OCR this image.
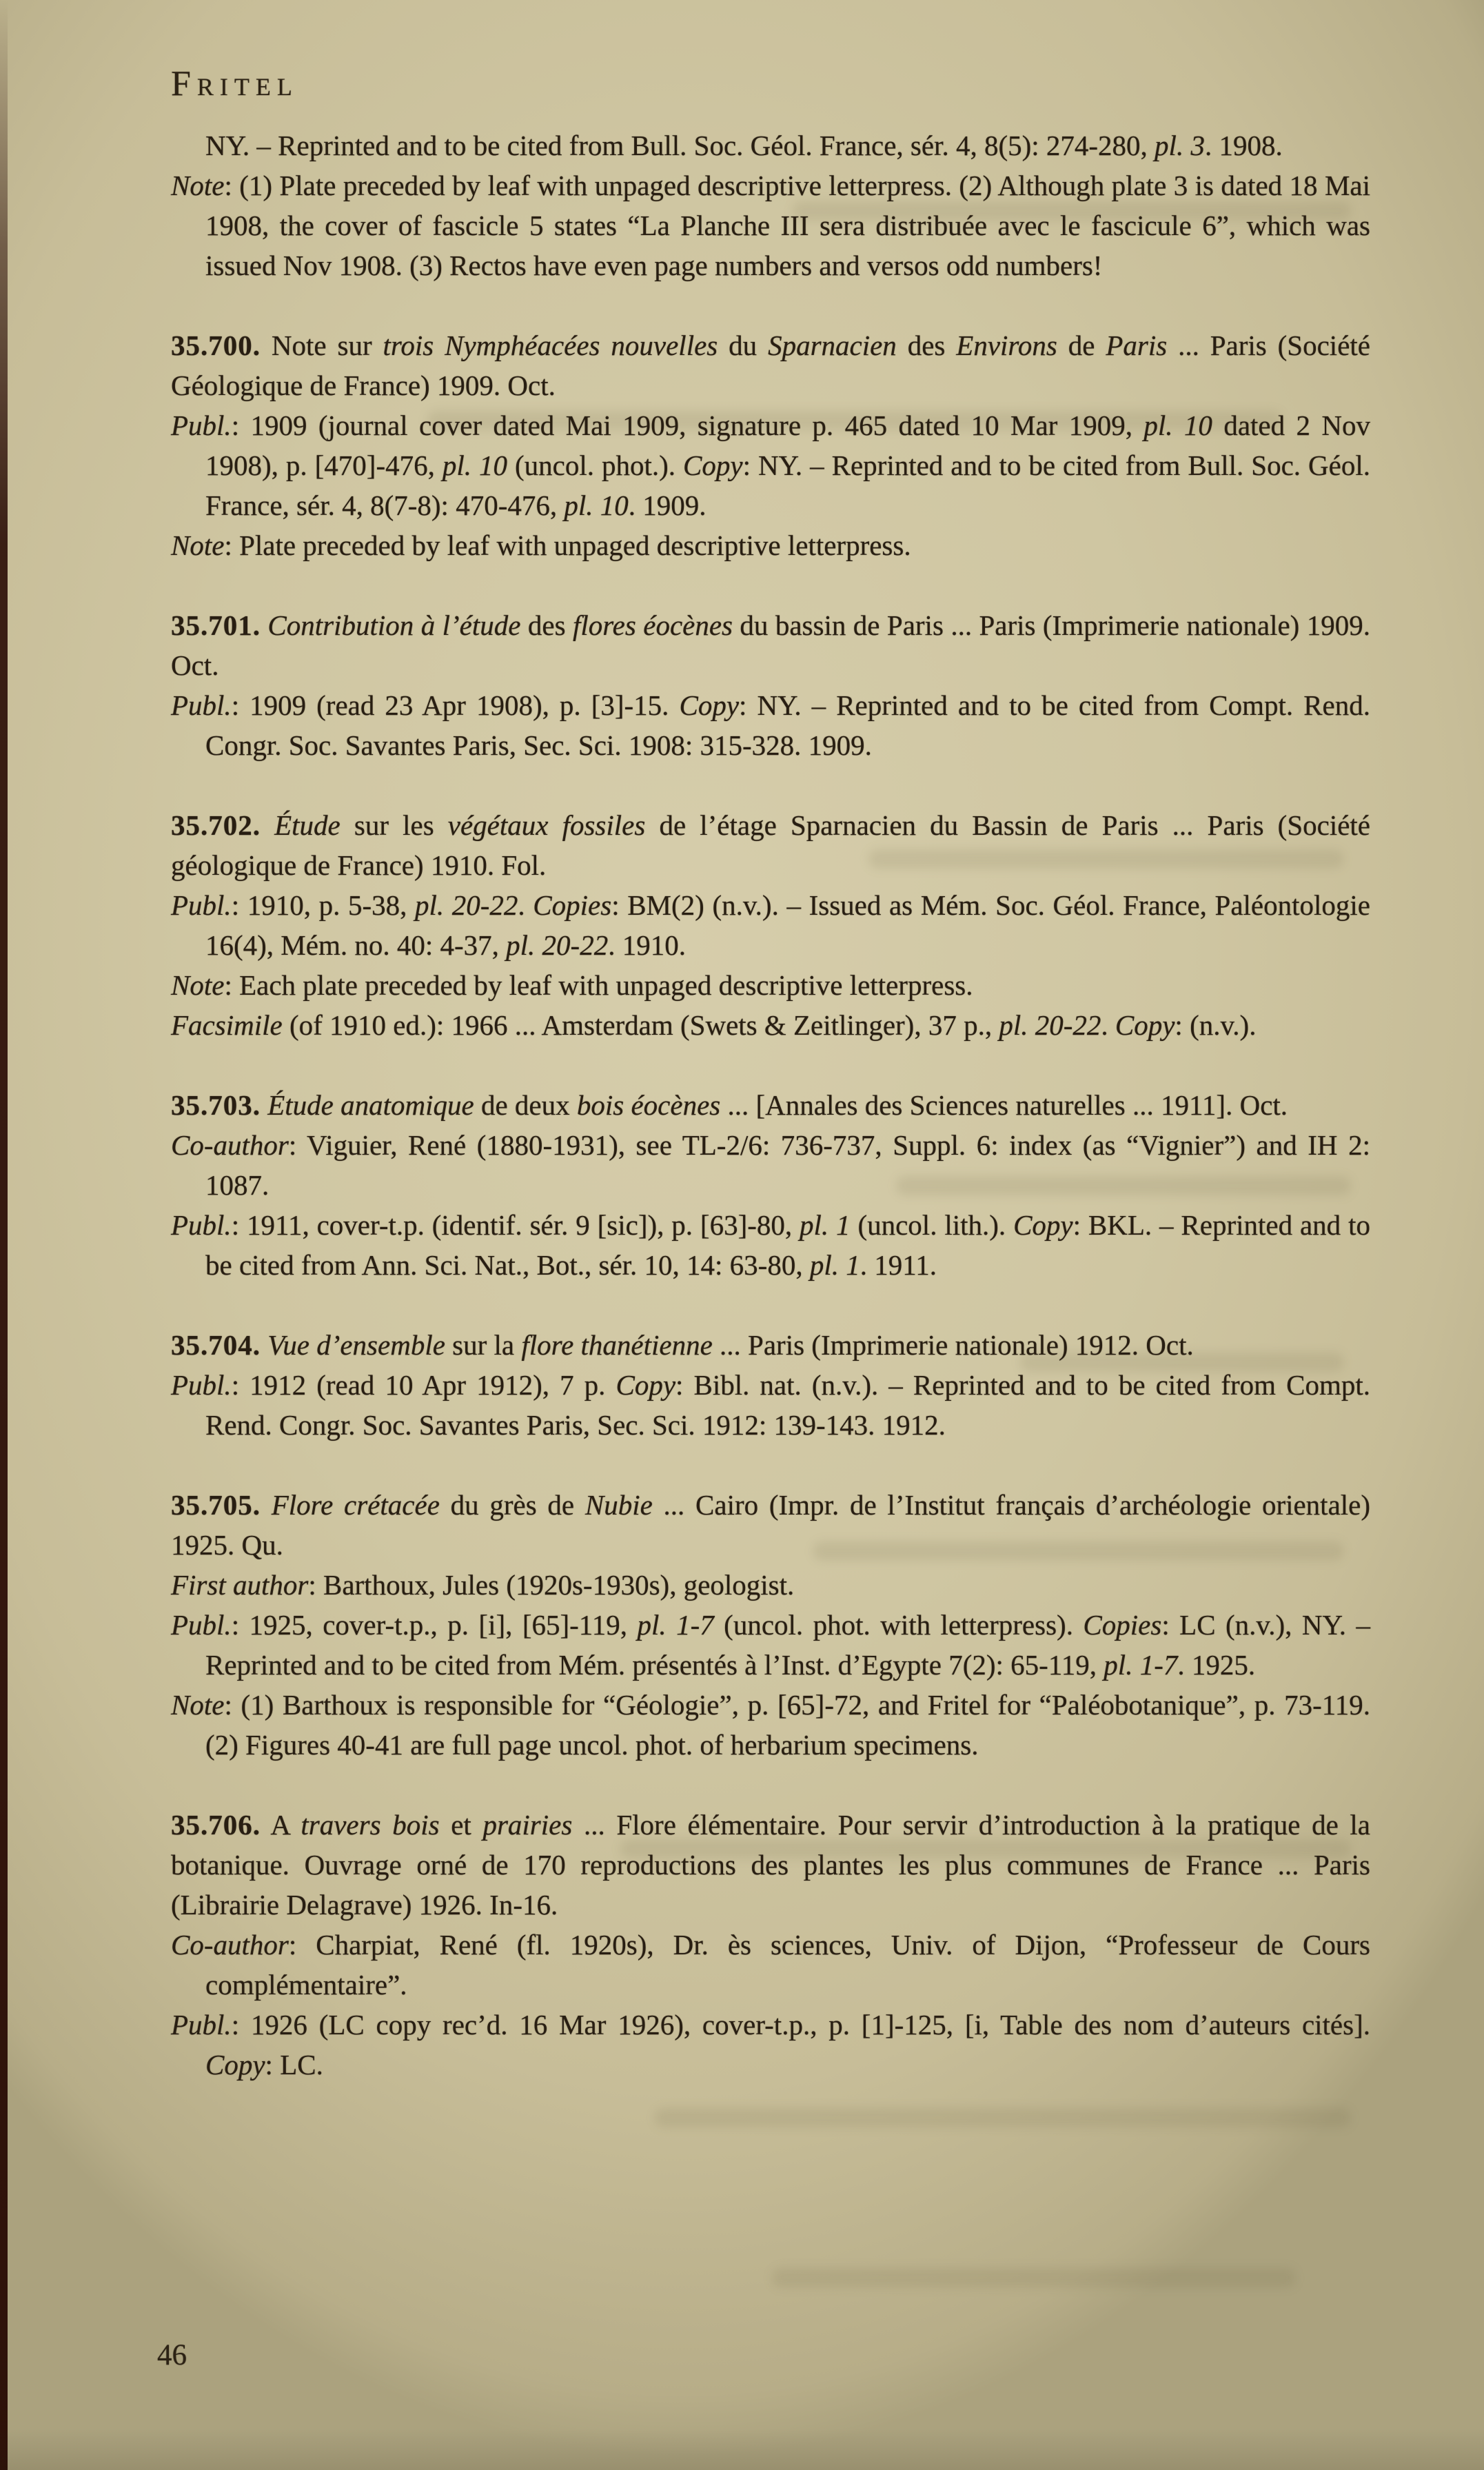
Fritel

NY. – Reprinted and to be cited from Bull. Soc. Géol. France, sér. 4, 8(5): 274-280, pl. 3. 1908.

Note: (1) Plate preceded by leaf with unpaged descriptive letterpress. (2) Although plate 3 is dated 18 Mai 1908, the cover of fascicle 5 states “La Planche III sera distribuée avec le fascicule 6”, which was issued Nov 1908. (3) Rectos have even page numbers and versos odd numbers!

35.700. Note sur trois Nymphéacées nouvelles du Sparnacien des Environs de Paris ... Paris (Société Géologique de France) 1909. Oct.

Publ.: 1909 (journal cover dated Mai 1909, signature p. 465 dated 10 Mar 1909, pl. 10 dated 2 Nov 1908), p. [470]-476, pl. 10 (uncol. phot.). Copy: NY. – Reprinted and to be cited from Bull. Soc. Géol. France, sér. 4, 8(7-8): 470-476, pl. 10. 1909.

Note: Plate preceded by leaf with unpaged descriptive letterpress.

35.701. Contribution à l’étude des flores éocènes du bassin de Paris ... Paris (Imprimerie nationale) 1909. Oct.

Publ.: 1909 (read 23 Apr 1908), p. [3]-15. Copy: NY. – Reprinted and to be cited from Compt. Rend. Congr. Soc. Savantes Paris, Sec. Sci. 1908: 315-328. 1909.

35.702. Étude sur les végétaux fossiles de l’étage Sparnacien du Bassin de Paris ... Paris (Société géologique de France) 1910. Fol.

Publ.: 1910, p. 5-38, pl. 20-22. Copies: BM(2) (n.v.). – Issued as Mém. Soc. Géol. France, Paléontologie 16(4), Mém. no. 40: 4-37, pl. 20-22. 1910.

Note: Each plate preceded by leaf with unpaged descriptive letterpress.

Facsimile (of 1910 ed.): 1966 ... Amsterdam (Swets & Zeitlinger), 37 p., pl. 20-22. Copy: (n.v.).

35.703. Étude anatomique de deux bois éocènes ... [Annales des Sciences naturelles ... 1911]. Oct.

Co-author: Viguier, René (1880-1931), see TL-2/6: 736-737, Suppl. 6: index (as “Vignier”) and IH 2: 1087.

Publ.: 1911, cover-t.p. (identif. sér. 9 [sic]), p. [63]-80, pl. 1 (uncol. lith.). Copy: BKL. – Reprinted and to be cited from Ann. Sci. Nat., Bot., sér. 10, 14: 63-80, pl. 1. 1911.

35.704. Vue d’ensemble sur la flore thanétienne ... Paris (Imprimerie nationale) 1912. Oct.

Publ.: 1912 (read 10 Apr 1912), 7 p. Copy: Bibl. nat. (n.v.). – Reprinted and to be cited from Compt. Rend. Congr. Soc. Savantes Paris, Sec. Sci. 1912: 139-143. 1912.

35.705. Flore crétacée du grès de Nubie ... Cairo (Impr. de l’Institut français d’archéologie orientale) 1925. Qu.

First author: Barthoux, Jules (1920s-1930s), geologist.

Publ.: 1925, cover-t.p., p. [i], [65]-119, pl. 1-7 (uncol. phot. with letterpress). Copies: LC (n.v.), NY. – Reprinted and to be cited from Mém. présentés à l’Inst. d’Egypte 7(2): 65-119, pl. 1-7. 1925.

Note: (1) Barthoux is responsible for “Géologie”, p. [65]-72, and Fritel for “Paléobotanique”, p. 73-119. (2) Figures 40-41 are full page uncol. phot. of herbarium specimens.

35.706. A travers bois et prairies ... Flore élémentaire. Pour servir d’introduction à la pratique de la botanique. Ouvrage orné de 170 reproductions des plantes les plus communes de France ... Paris (Librairie Delagrave) 1926. In-16.

Co-author: Charpiat, René (fl. 1920s), Dr. ès sciences, Univ. of Dijon, “Professeur de Cours complémentaire”.

Publ.: 1926 (LC copy rec’d. 16 Mar 1926), cover-t.p., p. [1]-125, [i, Table des nom d’auteurs cités]. Copy: LC.

46
